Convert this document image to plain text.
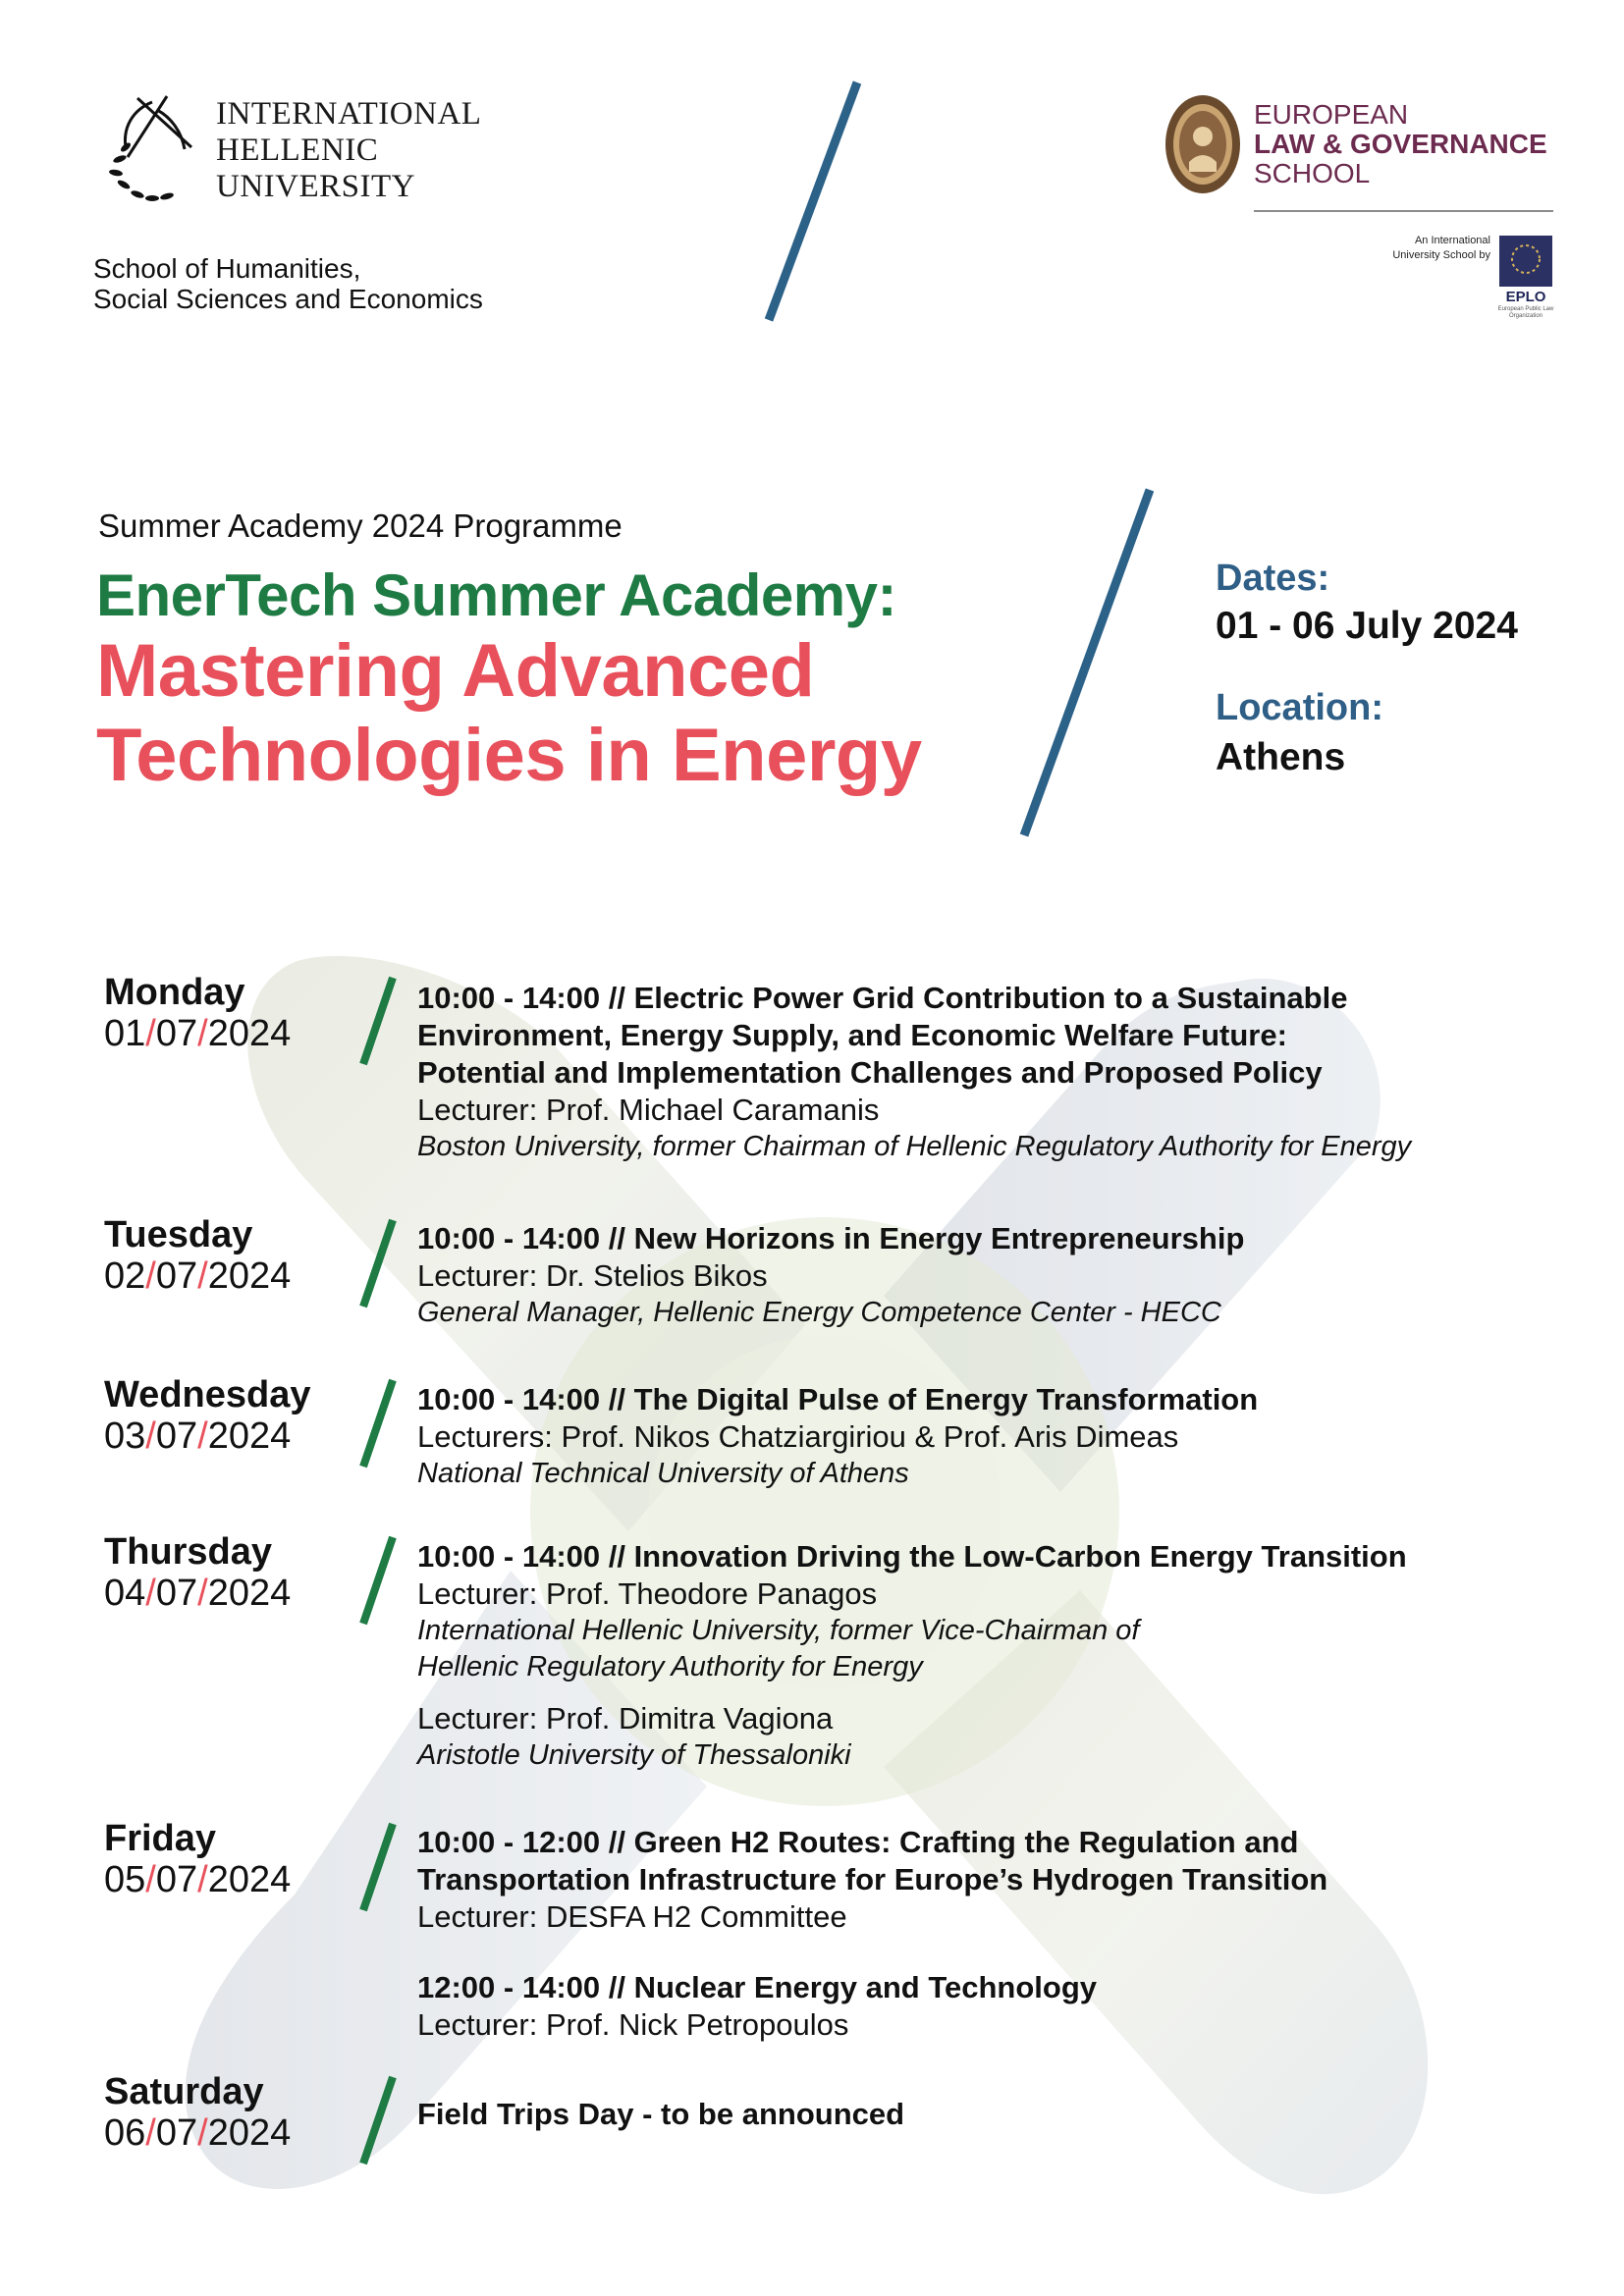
INTERNATIONAL
HELLENIC
UNIVERSITY
School of Humanities,
Social Sciences and Economics
EUROPEAN
LAW & GOVERNANCE
SCHOOL
An International
University School by
EPLO
European Public Law
Organization
Summer Academy 2024 Programme
EnerTech Summer Academy:
Mastering Advanced
Technologies in Energy
Dates:
01 - 06 July 2024
Location:
Athens
Monday
01/07/2024
10:00 - 14:00 // Electric Power Grid Contribution to a Sustainable
Environment, Energy Supply, and Economic Welfare Future:
Potential and Implementation Challenges and Proposed Policy
Lecturer: Prof. Michael Caramanis
Boston University, former Chairman of Hellenic Regulatory Authority for Energy
Tuesday
02/07/2024
10:00 - 14:00 // New Horizons in Energy Entrepreneurship
Lecturer: Dr. Stelios Bikos
General Manager, Hellenic Energy Competence Center - HECC
Wednesday
03/07/2024
10:00 - 14:00 // The Digital Pulse of Energy Transformation
Lecturers: Prof. Nikos Chatziargiriou & Prof. Aris Dimeas
National Technical University of Athens
Thursday
04/07/2024
10:00 - 14:00 // Innovation Driving the Low-Carbon Energy Transition
Lecturer: Prof. Theodore Panagos
International Hellenic University, former Vice-Chairman of
Hellenic Regulatory Authority for Energy
Lecturer: Prof. Dimitra Vagiona
Aristotle University of Thessaloniki
Friday
05/07/2024
10:00 - 12:00 // Green H2 Routes: Crafting the Regulation and
Transportation Infrastructure for Europe’s Hydrogen Transition
Lecturer: DESFA H2 Committee
12:00 - 14:00 // Nuclear Energy and Technology
Lecturer: Prof. Nick Petropoulos
Saturday
06/07/2024	Field Trips Day - to be announced
